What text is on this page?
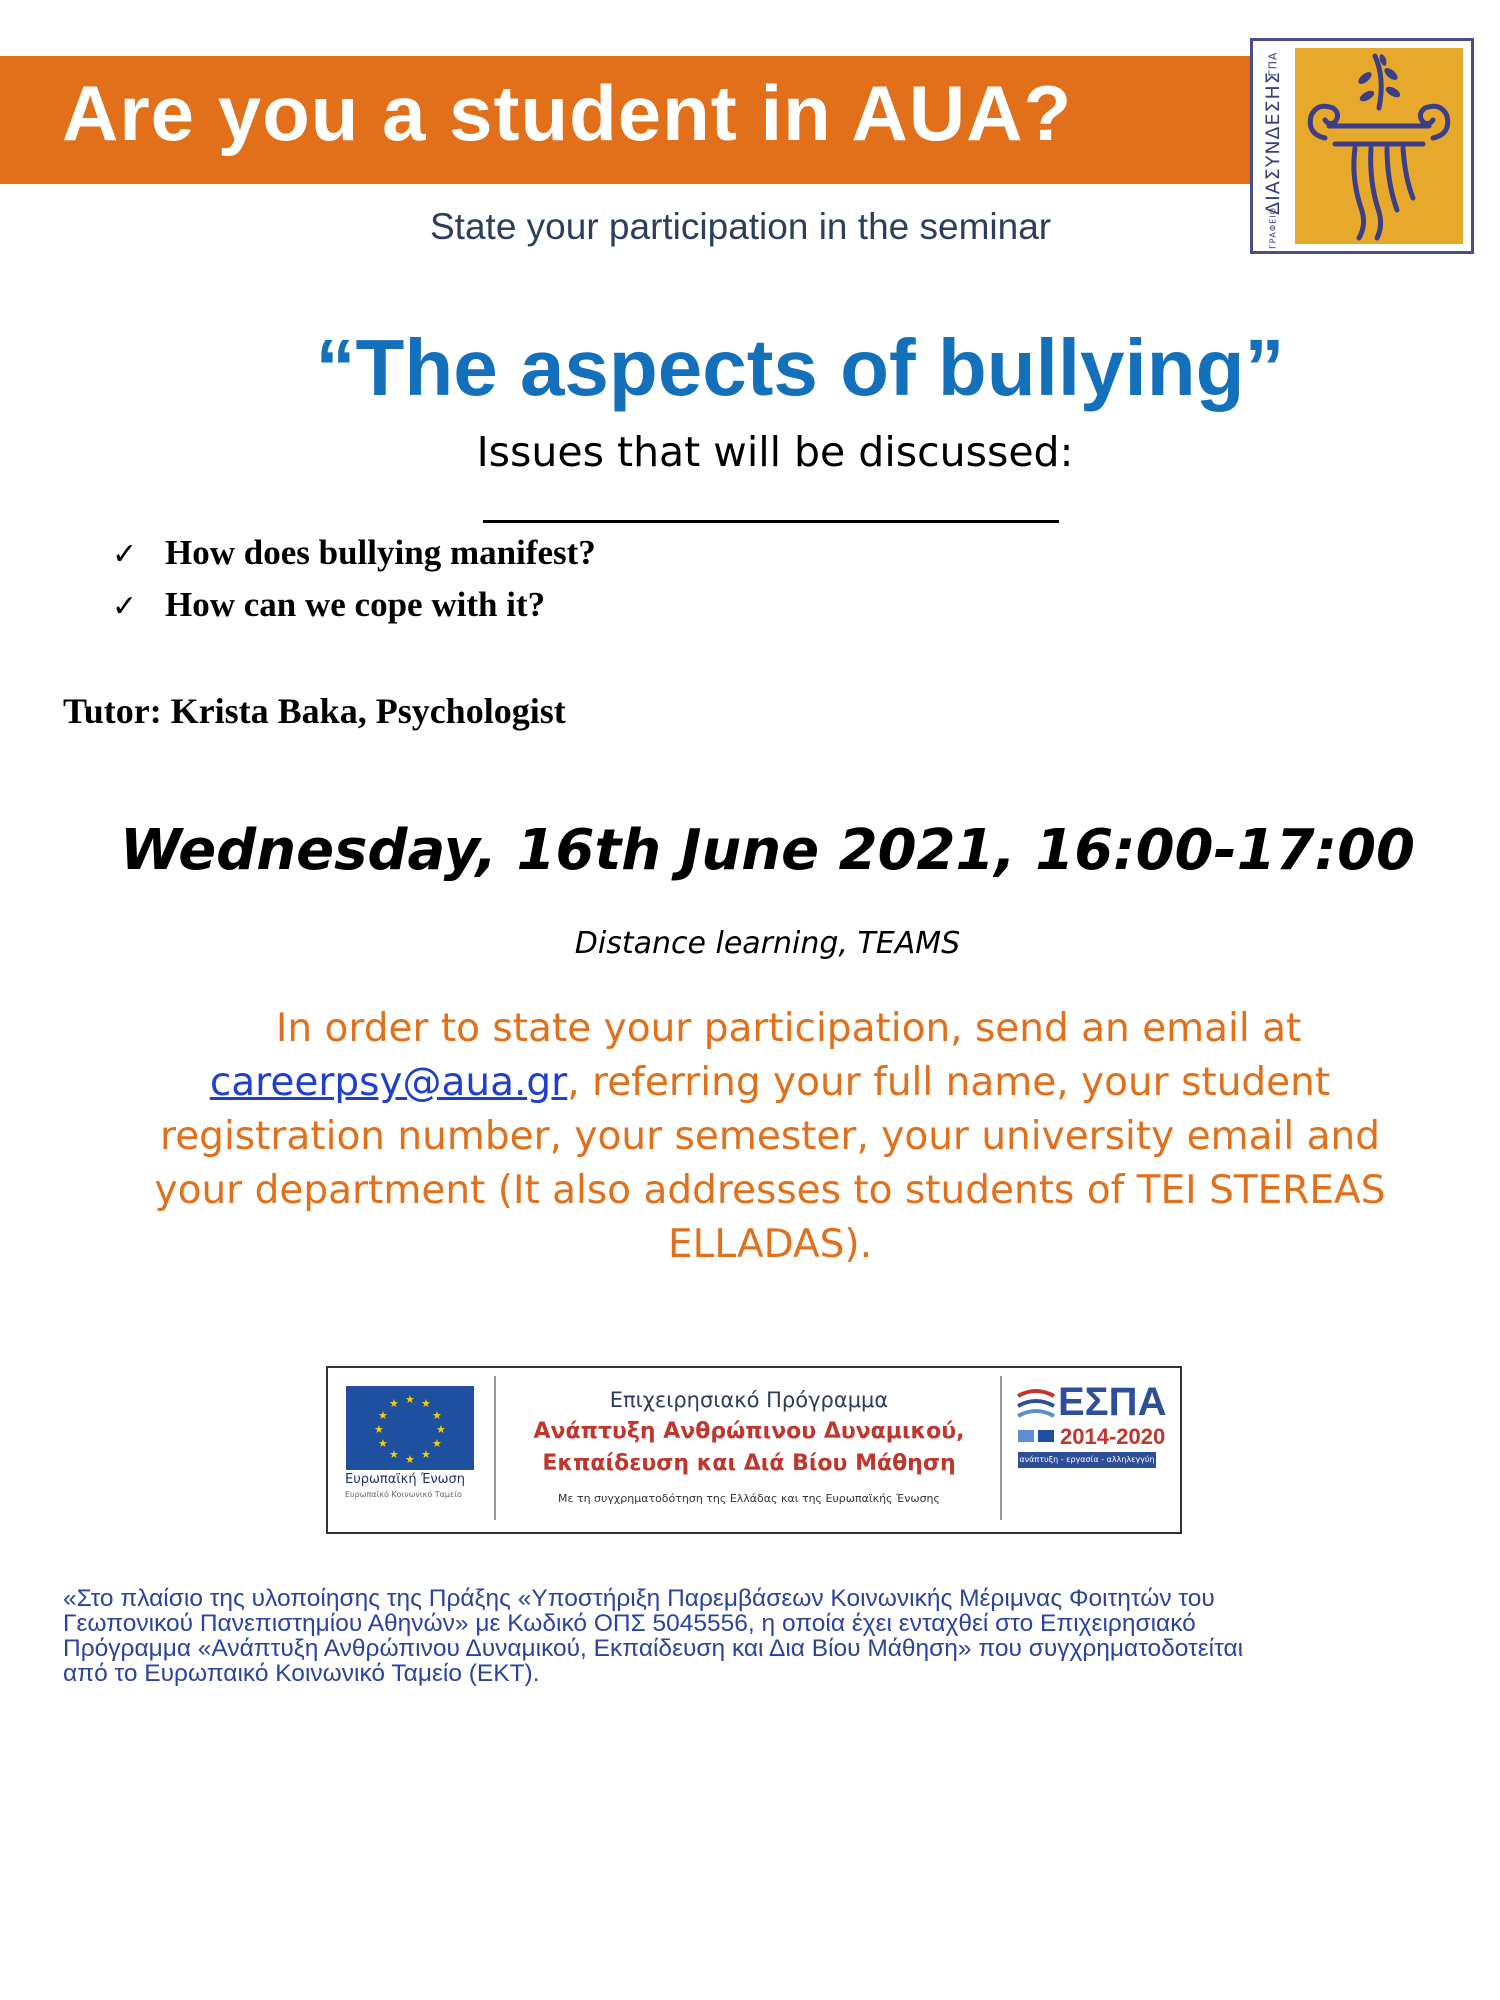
Are you a student in AUA?
State your participation in the seminar
ΓΠΑ
ΔΙΑΣΥΝΔΕΣΗΣ
ΓΡΑΦΕΙΟ
“The aspects of bullying”
Issues that will be discussed:
✓ How does bullying manifest?
✓ How can we cope with it?
Tutor: Krista Baka, Psychologist
Wednesday, 16th June 2021, 16:00-17:00
Distance learning, TEAMS
In order to state your participation, send an email at
careerpsy@aua.gr, referring your full name, your student
registration number, your semester, your university email and
your department (It also addresses to students of TEI STEREAS
ELLADAS).
★ ★
★
★
★
★
★
★
★
★
★
★
Ευρωπαϊκή Ένωση
Ευρωπαϊκό Κοινωνικό Ταμείο
Επιχειρησιακό Πρόγραμμα
Ανάπτυξη Ανθρώπινου Δυναμικού,
Εκπαίδευση και Διά Βίου Μάθηση
Με τη συγχρηματοδότηση της Ελλάδας και της Ευρωπαϊκής Ένωσης
ΕΣΠΑ
2014-2020
ανάπτυξη - εργασία - αλληλεγγύη
«Στο πλαίσιο της υλοποίησης της Πράξης «Υποστήριξη Παρεμβάσεων Κοινωνικής Μέριμνας Φοιτητών του
Γεωπονικού Πανεπιστημίου Αθηνών» με Κωδικό ΟΠΣ 5045556, η οποία έχει ενταχθεί στο Επιχειρησιακό
Πρόγραμμα «Ανάπτυξη Ανθρώπινου Δυναμικού, Εκπαίδευση και Δια Βίου Μάθηση» που συγχρηματοδοτείται
από το Ευρωπαικό Κοινωνικό Ταμείο (ΕΚΤ).
